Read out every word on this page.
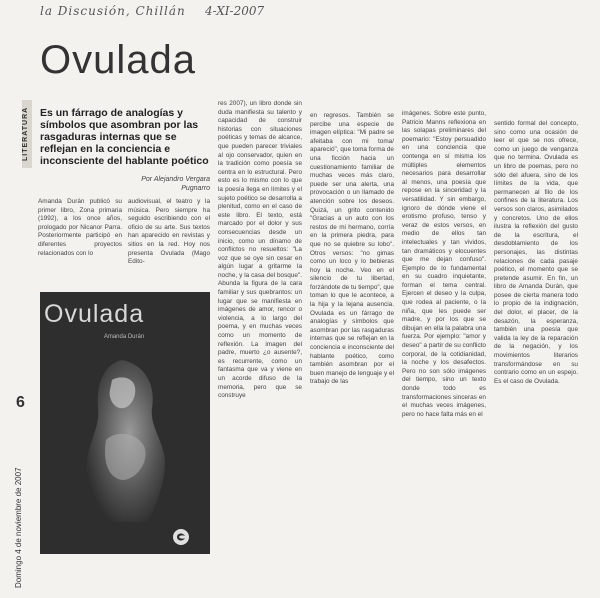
la Discusión, Chillán 4-XI-2007
Ovulada
LITERATURA Es un fárrago de analogías y símbolos que asombran por las rasgaduras internas que se reflejan en la conciencia e inconsciente del hablante poético
Por Alejandro Vergara Pugnarro
Amanda Durán publicó su primer libro, Zona primaria (1992), a los once años, prologado por Nicanor Parra. Posteriormente participó en diferentes proyectos relacionados con lo
audiovisual, el teatro y la música. Pero siempre ha seguido escribiendo con el oficio de su arte. Sus textos han aparecido en revistas y sitios en la red. Hoy nos presenta Ovulada (Mago Edito-
res 2007), un libro donde sin duda manifiesta su talento y capacidad de construir historias con situaciones poéticas y temas de alcance, que pueden parecer triviales al ojo conservador, quien en la tradición como poesía se centra en lo estructural. Pero esto es lo mismo con lo que la poesía llega en límites y el sujeto poético se desarrolla a plenitud, como en el caso de este libro. El texto, está marcado por el dolor y sus consecuencias desde un inicio, como un dínamo de conflictos no resueltos: "La voz que se oye sin cesar en algún lugar a gritarme la noche, y la casa del bosque". Abunda la figura de la cara familiar y sus quebrantos: un lugar que se manifiesta en imágenes de amor, rencor o violencia, a lo largo del poema, y en muchas veces como un momento de reflexión. La imagen del padre, muerto ¿o ausente?, es recurrente, como un fantasma que va y viene en un acorde difuso de la memoria, pero que se construye
en regresos. También se percibe una especie de imagen elíptica: "Mi padre se afeitaba con mi toma/ apareció", que toma forma de una ficción hacia un cuestionamiento familiar de muchas veces más claro, puede ser una alerta, una provocación o un llamado de atención sobre los deseos. Quizá, un grito contenido "Gracias a un auto con los restos de mi hermano, corría en la primera piedra, para que no se quiebre su lobo". Otros versos: "no gimas como un loco y lo bebieras hoy la noche. Veo en el silencio de tu libertad, forzándote de tu tiempo", que toman lo que le acontece, a la hija y la lejana ausencia. Ovulada es un fárrago de analogías y símbolos que asombran por las rasgaduras internas que se reflejan en la conciencia e inconsciente del hablante poético, como también asombran por el buen manejo de lenguaje y el trabajo de las
imágenes. Sobre este punto, Patricio Manns reflexiona en las solapas preliminares del poemario: "Estoy persuadido en una conciencia que contenga en sí misma los múltiples elementos necesarios para desarrollar al menos, una poesía que repose en la sinceridad y la versatilidad. Y sin embargo, ignoro de dónde viene el erotismo profuso, tenso y veraz de estos versos, en medio de ellos tan intelectuales y tan vividos, tan dramáticos y elocuentes que me dejan confuso". Ejemplo de lo fundamental en su cuadro inquietante, forman el tema central. Ejercen el deseo y la culpa, que rodea al paciente, o la niña, que les puede ser madre, y por los que se dibujan en ella la palabra una fuerza. Por ejemplo: "amor y deseo" a partir de su conflicto corporal, de la cotidianidad, la noche y los desafectos. Pero no son sólo imágenes del tiempo, sino un texto donde todo es transformaciones sinceras en el muchas veces imágenes, pero no hace falta más en el
sentido formal del concepto, sino como una ocasión de leer el que se nos ofrece, como un juego de venganza que no termina. Ovulada es un libro de poemas, pero no sólo del afuera, sino de los límites de la vida, que permanecen al filo de los confines de la literatura. Los versos son claros, asimilados y concretos. Uno de ellos ilustra la reflexión del gusto de la escritura, el desdoblamiento de los personajes, las distintas relaciones de cada pasaje poético, el momento que se pretende asumir. En fin, un libro de Amanda Durán, que posee de cierta manera todo lo propio de la indignación, del dolor, el placer, de la desazón, la esperanza, también una poesía que valida la ley de la reparación de la negación, y los movimientos literarios transformándose en su contrario como en un espejo. Es el caso de Ovulada.
Ovulada
Amanda Durán
6
Domingo 4 de noviembre de 2007
